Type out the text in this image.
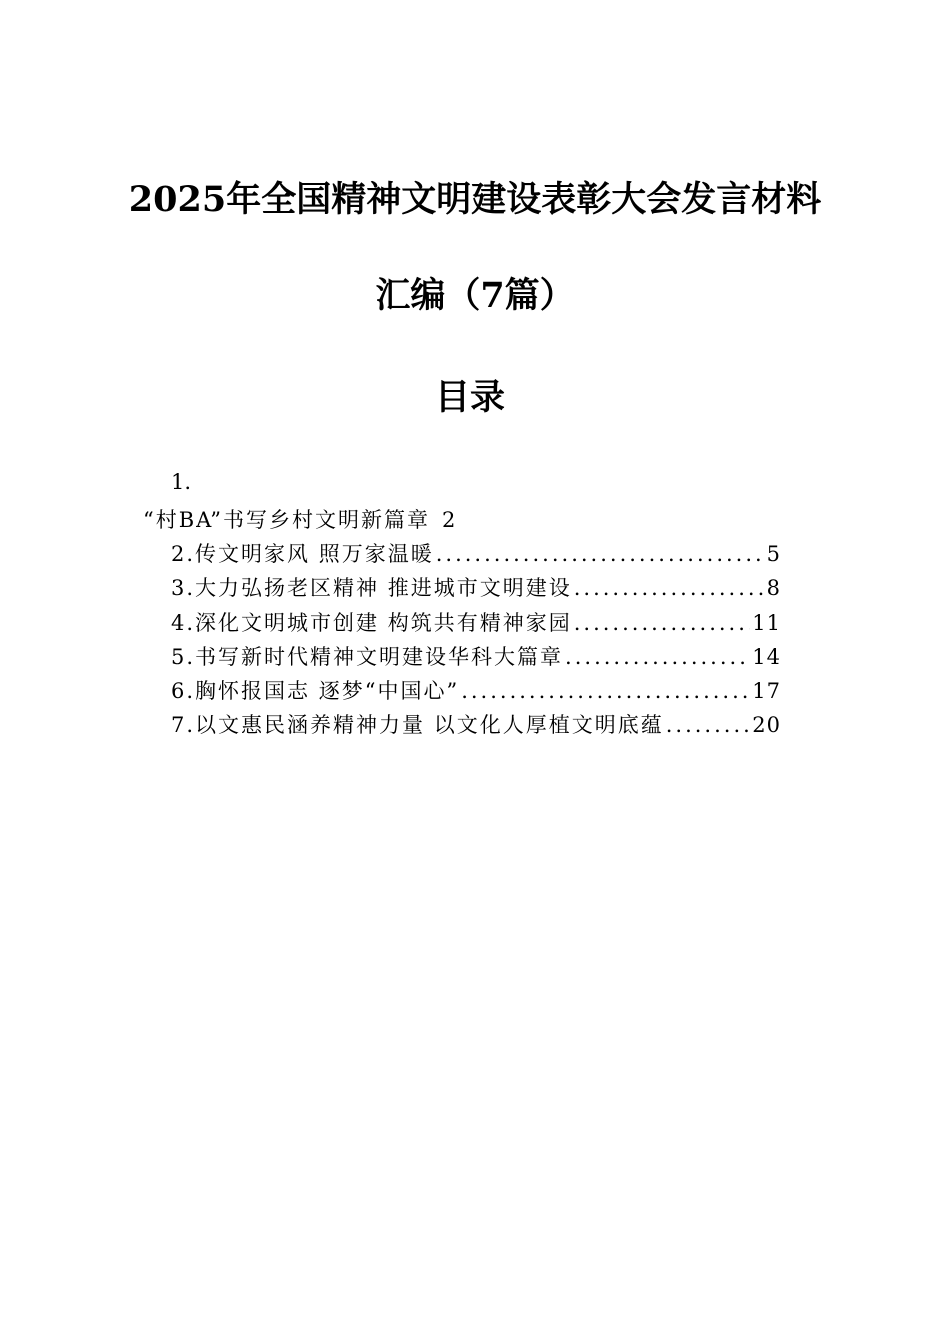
2025年全国精神文明建设表彰大会发言材料
汇编（7篇）
目录
1.
“村BA”书写乡村文明新篇章 2
2.传文明家风 照万家温暖 .....	5
3.大力弘扬老区精神 推进城市文明建设 .....	8
4.深化文明城市创建 构筑共有精神家园 .....	11
5.书写新时代精神文明建设华科大篇章 .....	14
6.胸怀报国志 逐梦“中国心” .....	17
7.以文惠民涵养精神力量 以文化人厚植文明底蕴 .....	20
